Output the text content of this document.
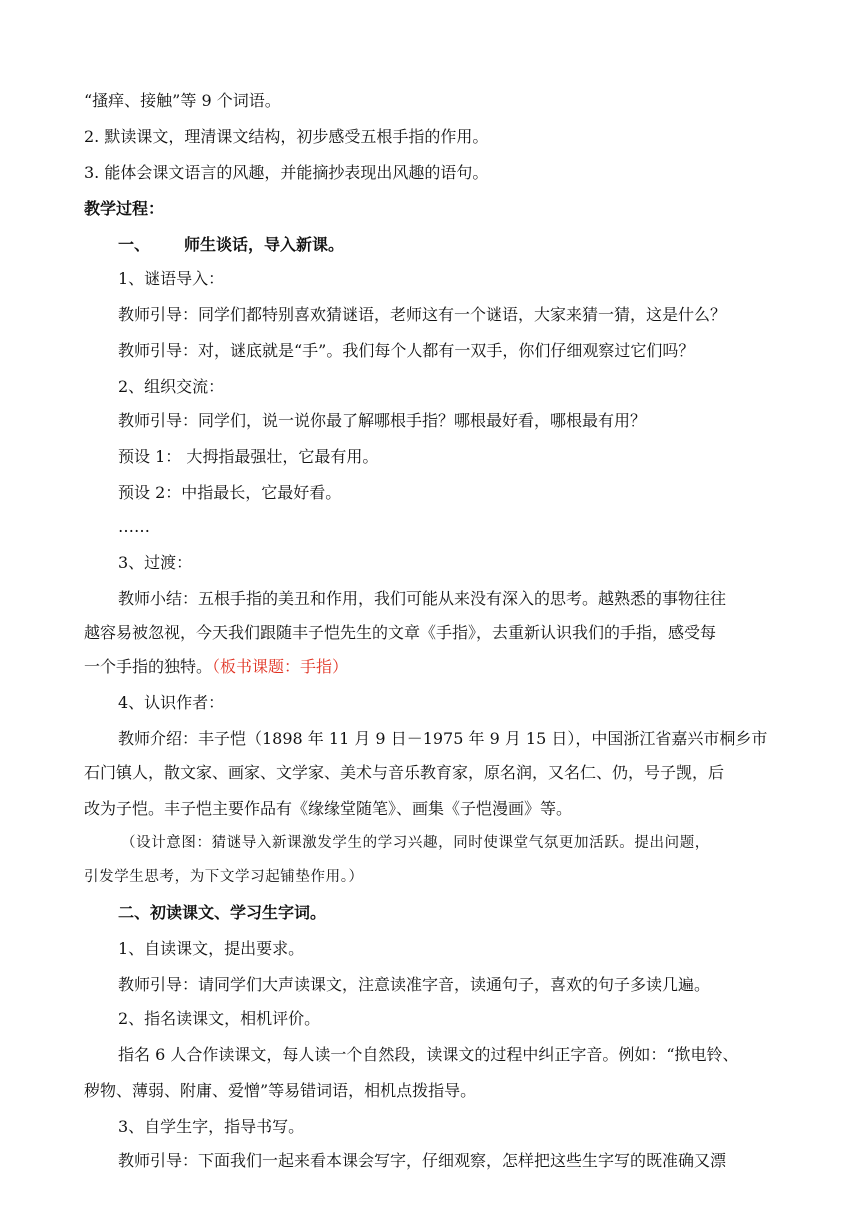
“搔痒、接触”等 9 个词语。
2. 默读课文，理清课文结构，初步感受五根手指的作用。
3. 能体会课文语言的风趣，并能摘抄表现出风趣的语句。
教学过程：
一、 师生谈话，导入新课。
1、谜语导入：
教师引导：同学们都特别喜欢猜谜语，老师这有一个谜语，大家来猜一猜，这是什么？
教师引导：对，谜底就是“手”。我们每个人都有一双手，你们仔细观察过它们吗？
2、组织交流：
教师引导：同学们，说一说你最了解哪根手指？哪根最好看，哪根最有用？
预设 1： 大拇指最强壮，它最有用。
预设 2：中指最长，它最好看。
……
3、过渡：
教师小结：五根手指的美丑和作用，我们可能从来没有深入的思考。越熟悉的事物往往
越容易被忽视，今天我们跟随丰子恺先生的文章《手指》，去重新认识我们的手指，感受每
一个手指的独特。（板书课题：手指）
4、认识作者：
教师介绍：丰子恺（1898 年 11 月 9 日－1975 年 9 月 15 日），中国浙江省嘉兴市桐乡市
石门镇人，散文家、画家、文学家、美术与音乐教育家，原名润，又名仁、仍，号子觊，后
改为子恺。丰子恺主要作品有《缘缘堂随笔》、画集《子恺漫画》等。
（设计意图：猜谜导入新课激发学生的学习兴趣，同时使课堂气氛更加活跃。提出问题，
引发学生思考，为下文学习起铺垫作用。）
二、初读课文、学习生字词。
1、自读课文，提出要求。
教师引导：请同学们大声读课文，注意读准字音，读通句子，喜欢的句子多读几遍。
2、指名读课文，相机评价。
指名 6 人合作读课文，每人读一个自然段，读课文的过程中纠正字音。例如：“揿电铃、
秽物、薄弱、附庸、爱憎”等易错词语，相机点拨指导。
3、自学生字，指导书写。
教师引导：下面我们一起来看本课会写字，仔细观察，怎样把这些生字写的既准确又漂
